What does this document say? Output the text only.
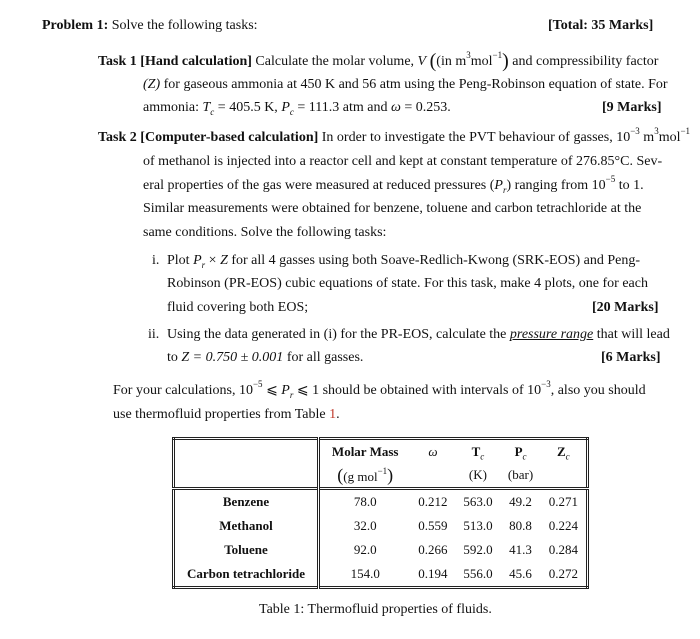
Problem 1: Solve the following tasks:	[Total: 35 Marks]
Task 1 [Hand calculation] Calculate the molar volume, V ((in $m^3mol^{-1}$) and compressibility factor
(Z) for gaseous ammonia at 450 K and 56 atm using the Peng-Robinson equation of state. For
ammonia: $T_c = 405.5$ K, $P_c = 111.3$ atm and ω = 0.253.	[9 Marks]
Task 2 [Computer-based calculation] In order to investigate the PVT behaviour of gasses, $10^{-3}$ $m^3mol^{-1}$
of methanol is injected into a reactor cell and kept at constant temperature of 276.85°C. Sev-
eral properties of the gas were measured at reduced pressures $(P_r)$ ranging from $10^{-5}$ to 1.
Similar measurements were obtained for benzene, toluene and carbon tetrachloride at the
same conditions. Solve the following tasks:
i. Plot $P_r \times Z$ for all 4 gasses using both Soave-Redlich-Kwong (SRK-EOS) and Peng-
Robinson (PR-EOS) cubic equations of state. For this task, make 4 plots, one for each
fluid covering both EOS;	[20 Marks]
ii. Using the data generated in (i) for the PR-EOS, calculate the pressure range that will lead
to Z = 0.750 ± 0.001 for all gasses.	[6 Marks]
For your calculations, $10^{-5}$ ⩽ $P_r$ ⩽ 1 should be obtained with intervals of $10^{-3}$, also you should
use thermofluid properties from Table 1.
	Molar Mass	ω	$T_c$	$P_c$	$Z_c$
	((g mol$^{-1}$)		(K)	(bar)	
Benzene	78.0	0.212	563.0	49.2	0.271
Methanol	32.0	0.559	513.0	80.8	0.224
Toluene	92.0	0.266	592.0	41.3	0.284
Carbon tetrachloride	154.0	0.194	556.0	45.6	0.272
Table 1: Thermofluid properties of fluids.
